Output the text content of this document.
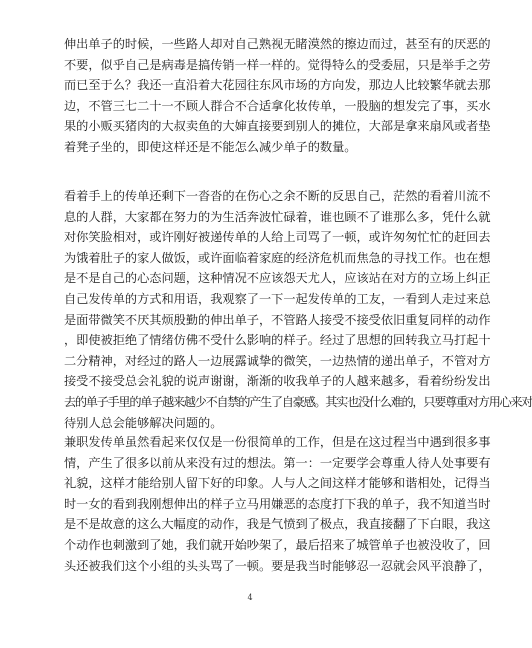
伸出单子的时候，一些路人却对自己熟视无睹漠然的擦边而过，甚至有的厌恶的
不要，似乎自己是病毒是搞传销一样一样的。觉得特么的受委屈，只是举手之劳
而已至于么？我还一直沿着大花园往东风市场的方向发，那边人比较繁华就去那
边，不管三七二十一不顾人群合不合适拿化妆传单，一股脑的想发完了事，买水
果的小贩买猪肉的大叔卖鱼的大婶直接要到别人的摊位，大部是拿来扇风或者垫
着凳子坐的，即使这样还是不能怎么减少单子的数量。
看着手上的传单还剩下一沓沓的在伤心之余不断的反思自己，茫然的看着川流不
息的人群，大家都在努力的为生活奔波忙碌着，谁也顾不了谁那么多，凭什么就
对你笑脸相对，或许刚好被递传单的人给上司骂了一顿，或许匆匆忙忙的赶回去
为饿着肚子的家人做饭，或许面临着家庭的经济危机而焦急的寻找工作。也在想
是不是自己的心态问题，这种情况不应该怨天尤人，应该站在对方的立场上纠正
自己发传单的方式和用语，我观察了一下一起发传单的工友，一看到人走过来总
是面带微笑不厌其烦殷勤的伸出单子，不管路人接受不接受依旧重复同样的动作
，即使被拒绝了情绪仿佛不受什么影响的样子。经过了思想的回转我立马打起十
二分精神，对经过的路人一边展露诚挚的微笑，一边热情的递出单子，不管对方
接受不接受总会礼貌的说声谢谢，渐渐的收我单子的人越来越多，看着纷纷发出
去的单子手里的单子越来越少不自禁的产生了自豪感。其实也没什么难的，只要尊重对方用心来对
待别人总会能够解决问题的。
兼职发传单虽然看起来仅仅是一份很简单的工作，但是在这过程当中遇到很多事
情，产生了很多以前从来没有过的想法。第一：一定要学会尊重人待人处事要有
礼貌，这样才能给别人留下好的印象。人与人之间这样才能够和谐相处，记得当
时一女的看到我刚想伸出的样子立马用嫌恶的态度打下我的单子，我不知道当时
是不是故意的这么大幅度的动作，我是气愤到了极点，我直接翻了下白眼，我这
个动作也刺激到了她，我们就开始吵架了，最后招来了城管单子也被没收了，回
头还被我们这个小组的头头骂了一顿。要是我当时能够忍一忍就会风平浪静了，
4
